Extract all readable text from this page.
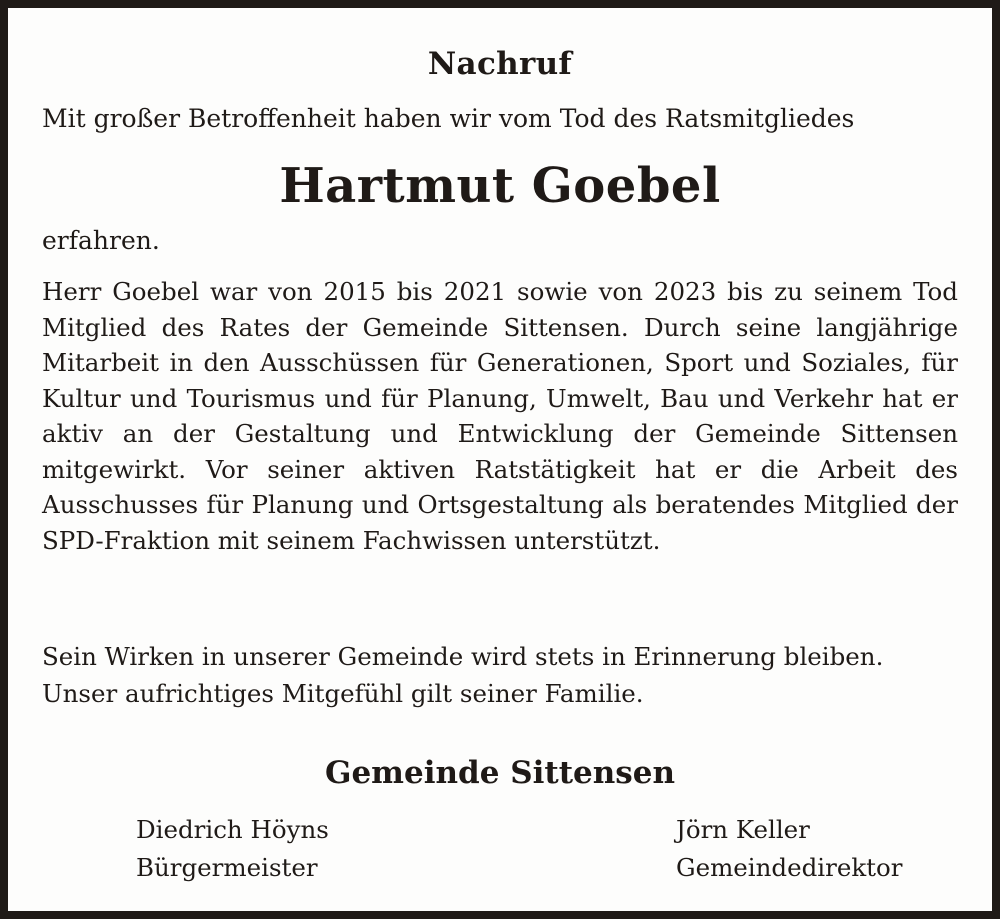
Nachruf
Mit großer Betroffenheit haben wir vom Tod des Ratsmitgliedes
Hartmut Goebel
erfahren.
Herr Goebel war von 2015 bis 2021 sowie von 2023 bis zu seinem Tod Mitglied des Rates der Gemeinde Sittensen. Durch seine langjährige Mitarbeit in den Ausschüssen für Generationen, Sport und Soziales, für Kultur und Tourismus und für Planung, Umwelt, Bau und Verkehr hat er aktiv an der Gestaltung und Entwicklung der Gemeinde Sittensen mitgewirkt. Vor seiner aktiven Ratstätigkeit hat er die Arbeit des Ausschusses für Planung und Ortsgestaltung als beratendes Mitglied der SPD-Fraktion mit seinem Fachwissen unterstützt.
Sein Wirken in unserer Gemeinde wird stets in Erinnerung bleiben.
Unser aufrichtiges Mitgefühl gilt seiner Familie.
Gemeinde Sittensen
Diedrich Höyns
Bürgermeister
Jörn Keller
Gemeindedirektor
